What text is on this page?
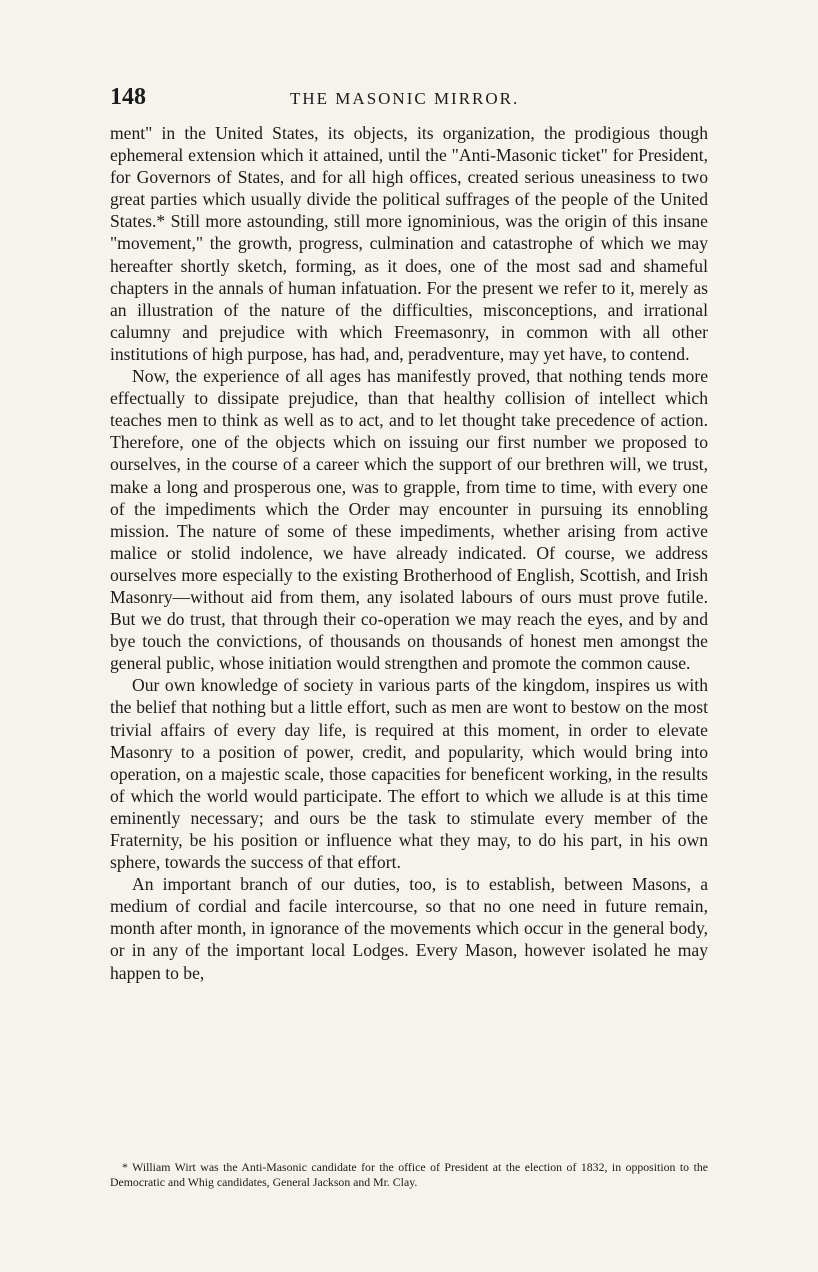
148	THE MASONIC MIRROR.

ment" in the United States, its objects, its organization, the prodigious though ephemeral extension which it attained, until the "Anti-Masonic ticket" for President, for Governors of States, and for all high offices, created serious uneasiness to two great parties which usually divide the political suffrages of the people of the United States.* Still more astounding, still more ignominious, was the origin of this insane "movement," the growth, progress, culmination and catastrophe of which we may hereafter shortly sketch, forming, as it does, one of the most sad and shameful chapters in the annals of human infatuation. For the present we refer to it, merely as an illustration of the nature of the difficulties, misconceptions, and irrational calumny and prejudice with which Freemasonry, in common with all other institutions of high purpose, has had, and, peradventure, may yet have, to contend.

Now, the experience of all ages has manifestly proved, that nothing tends more effectually to dissipate prejudice, than that healthy collision of intellect which teaches men to think as well as to act, and to let thought take precedence of action. Therefore, one of the objects which on issuing our first number we proposed to ourselves, in the course of a career which the support of our brethren will, we trust, make a long and prosperous one, was to grapple, from time to time, with every one of the impediments which the Order may encounter in pursuing its ennobling mission. The nature of some of these impediments, whether arising from active malice or stolid indolence, we have already indicated. Of course, we address ourselves more especially to the existing Brotherhood of English, Scottish, and Irish Masonry—without aid from them, any isolated labours of ours must prove futile. But we do trust, that through their co-operation we may reach the eyes, and by and bye touch the convictions, of thousands on thousands of honest men amongst the general public, whose initiation would strengthen and promote the common cause.

Our own knowledge of society in various parts of the kingdom, inspires us with the belief that nothing but a little effort, such as men are wont to bestow on the most trivial affairs of every day life, is required at this moment, in order to elevate Masonry to a position of power, credit, and popularity, which would bring into operation, on a majestic scale, those capacities for beneficent working, in the results of which the world would participate. The effort to which we allude is at this time eminently necessary; and ours be the task to stimulate every member of the Fraternity, be his position or influence what they may, to do his part, in his own sphere, towards the success of that effort.

An important branch of our duties, too, is to establish, between Masons, a medium of cordial and facile intercourse, so that no one need in future remain, month after month, in ignorance of the movements which occur in the general body, or in any of the important local Lodges. Every Mason, however isolated he may happen to be,

* William Wirt was the Anti-Masonic candidate for the office of President at the election of 1832, in opposition to the Democratic and Whig candidates, General Jackson and Mr. Clay.
